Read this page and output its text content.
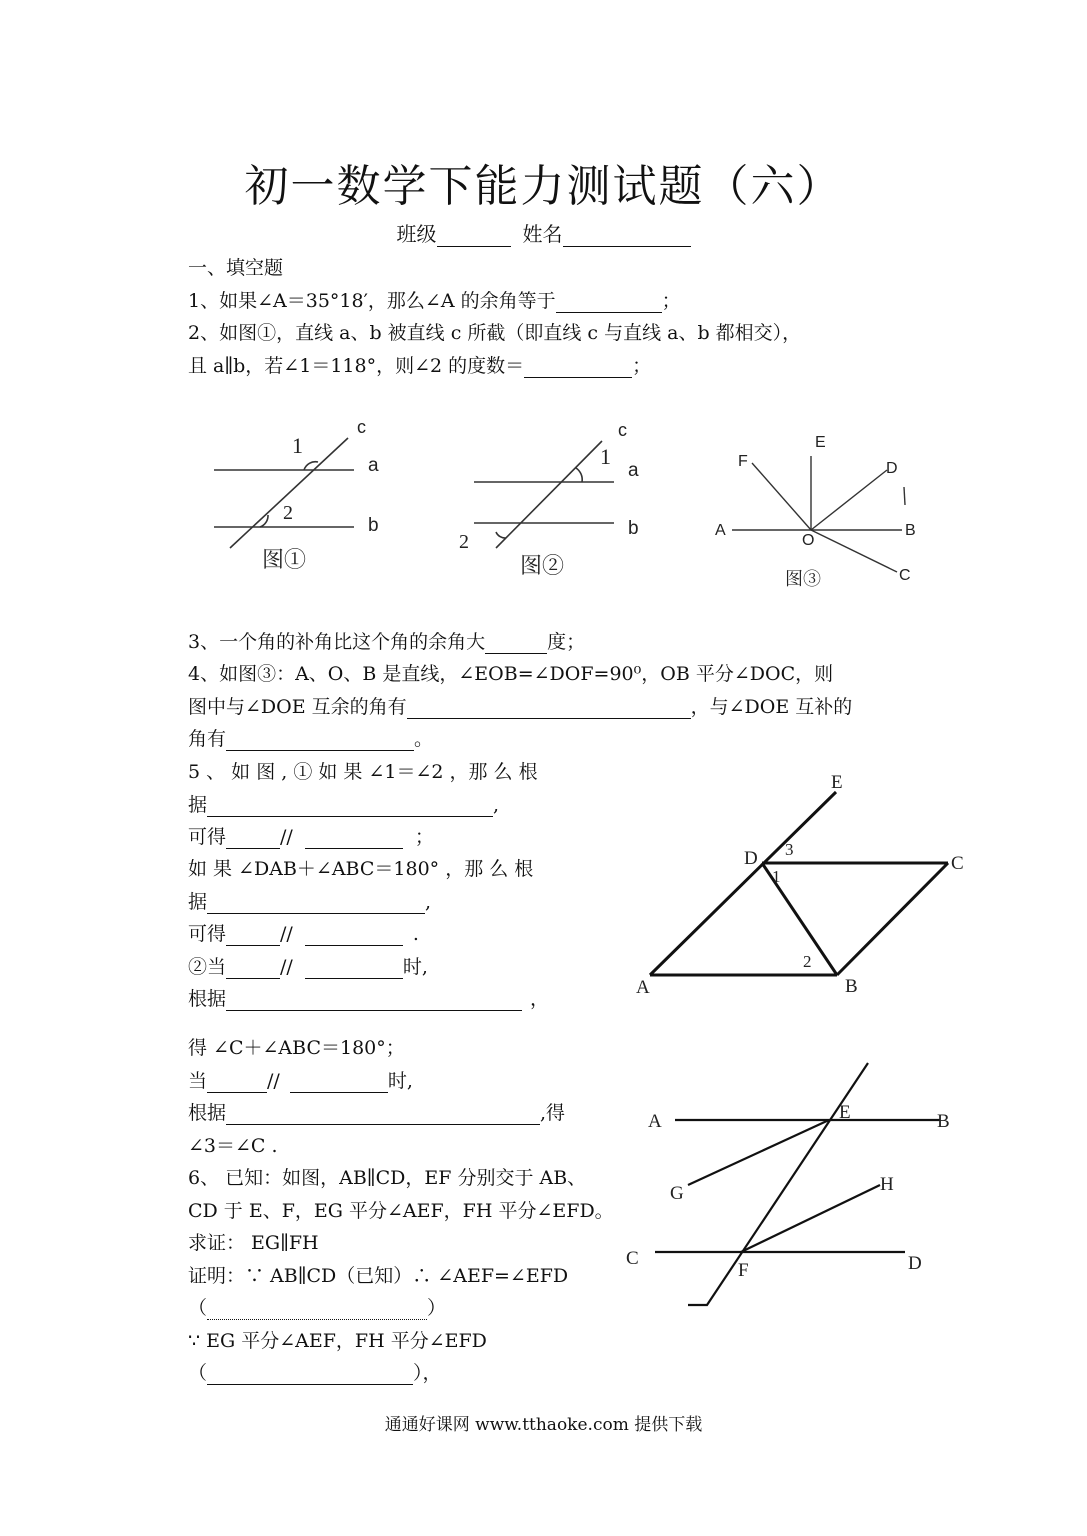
初一数学下能力测试题（六）
班级	姓名
一、填空题
1、如果∠A＝35°18′，那么∠A 的余角等于	；
2、如图①，直线 a、b 被直线 c 所截（即直线 c 与直线 a、b 都相交），
且 a∥b，若∠1＝118°，则∠2 的度数＝	；
3、一个角的补角比这个角的余角大	度；
4、如图③：A、O、B 是直线，∠EOB=∠DOF=90⁰，OB 平分∠DOC，则
图中与∠DOE 互余的角有	，与∠DOE 互补的
角有	。
5 、 如 图 , ① 如 果 ∠1＝∠2 ，那 么 根
据	,
可得	//	；
如 果 ∠DAB＋∠ABC＝180° ，那 么 根
据	,
可得	//	.
②当	//	时,
根据	，
得 ∠C＋∠ABC＝180°；
当	//	时,
根据	,得
∠3＝∠C .
6、 已知：如图，AB∥CD，EF 分别交于 AB、
CD 于 E、F，EG 平分∠AEF，FH 平分∠EFD。
求证： EG∥FH
证明：∵ AB∥CD（已知）∴ ∠AEF=∠EFD
（	）
∵ EG 平分∠AEF，FH 平分∠EFD
（	），
c
a
b
1
2
图①
c
a
b
1
2
图②
E
F	D
A
O
B
C
图③
E
D	C
A	B
1
2
3
A	E	B
G	H
C
F	D
通通好课网 www.tthaoke.com 提供下载
